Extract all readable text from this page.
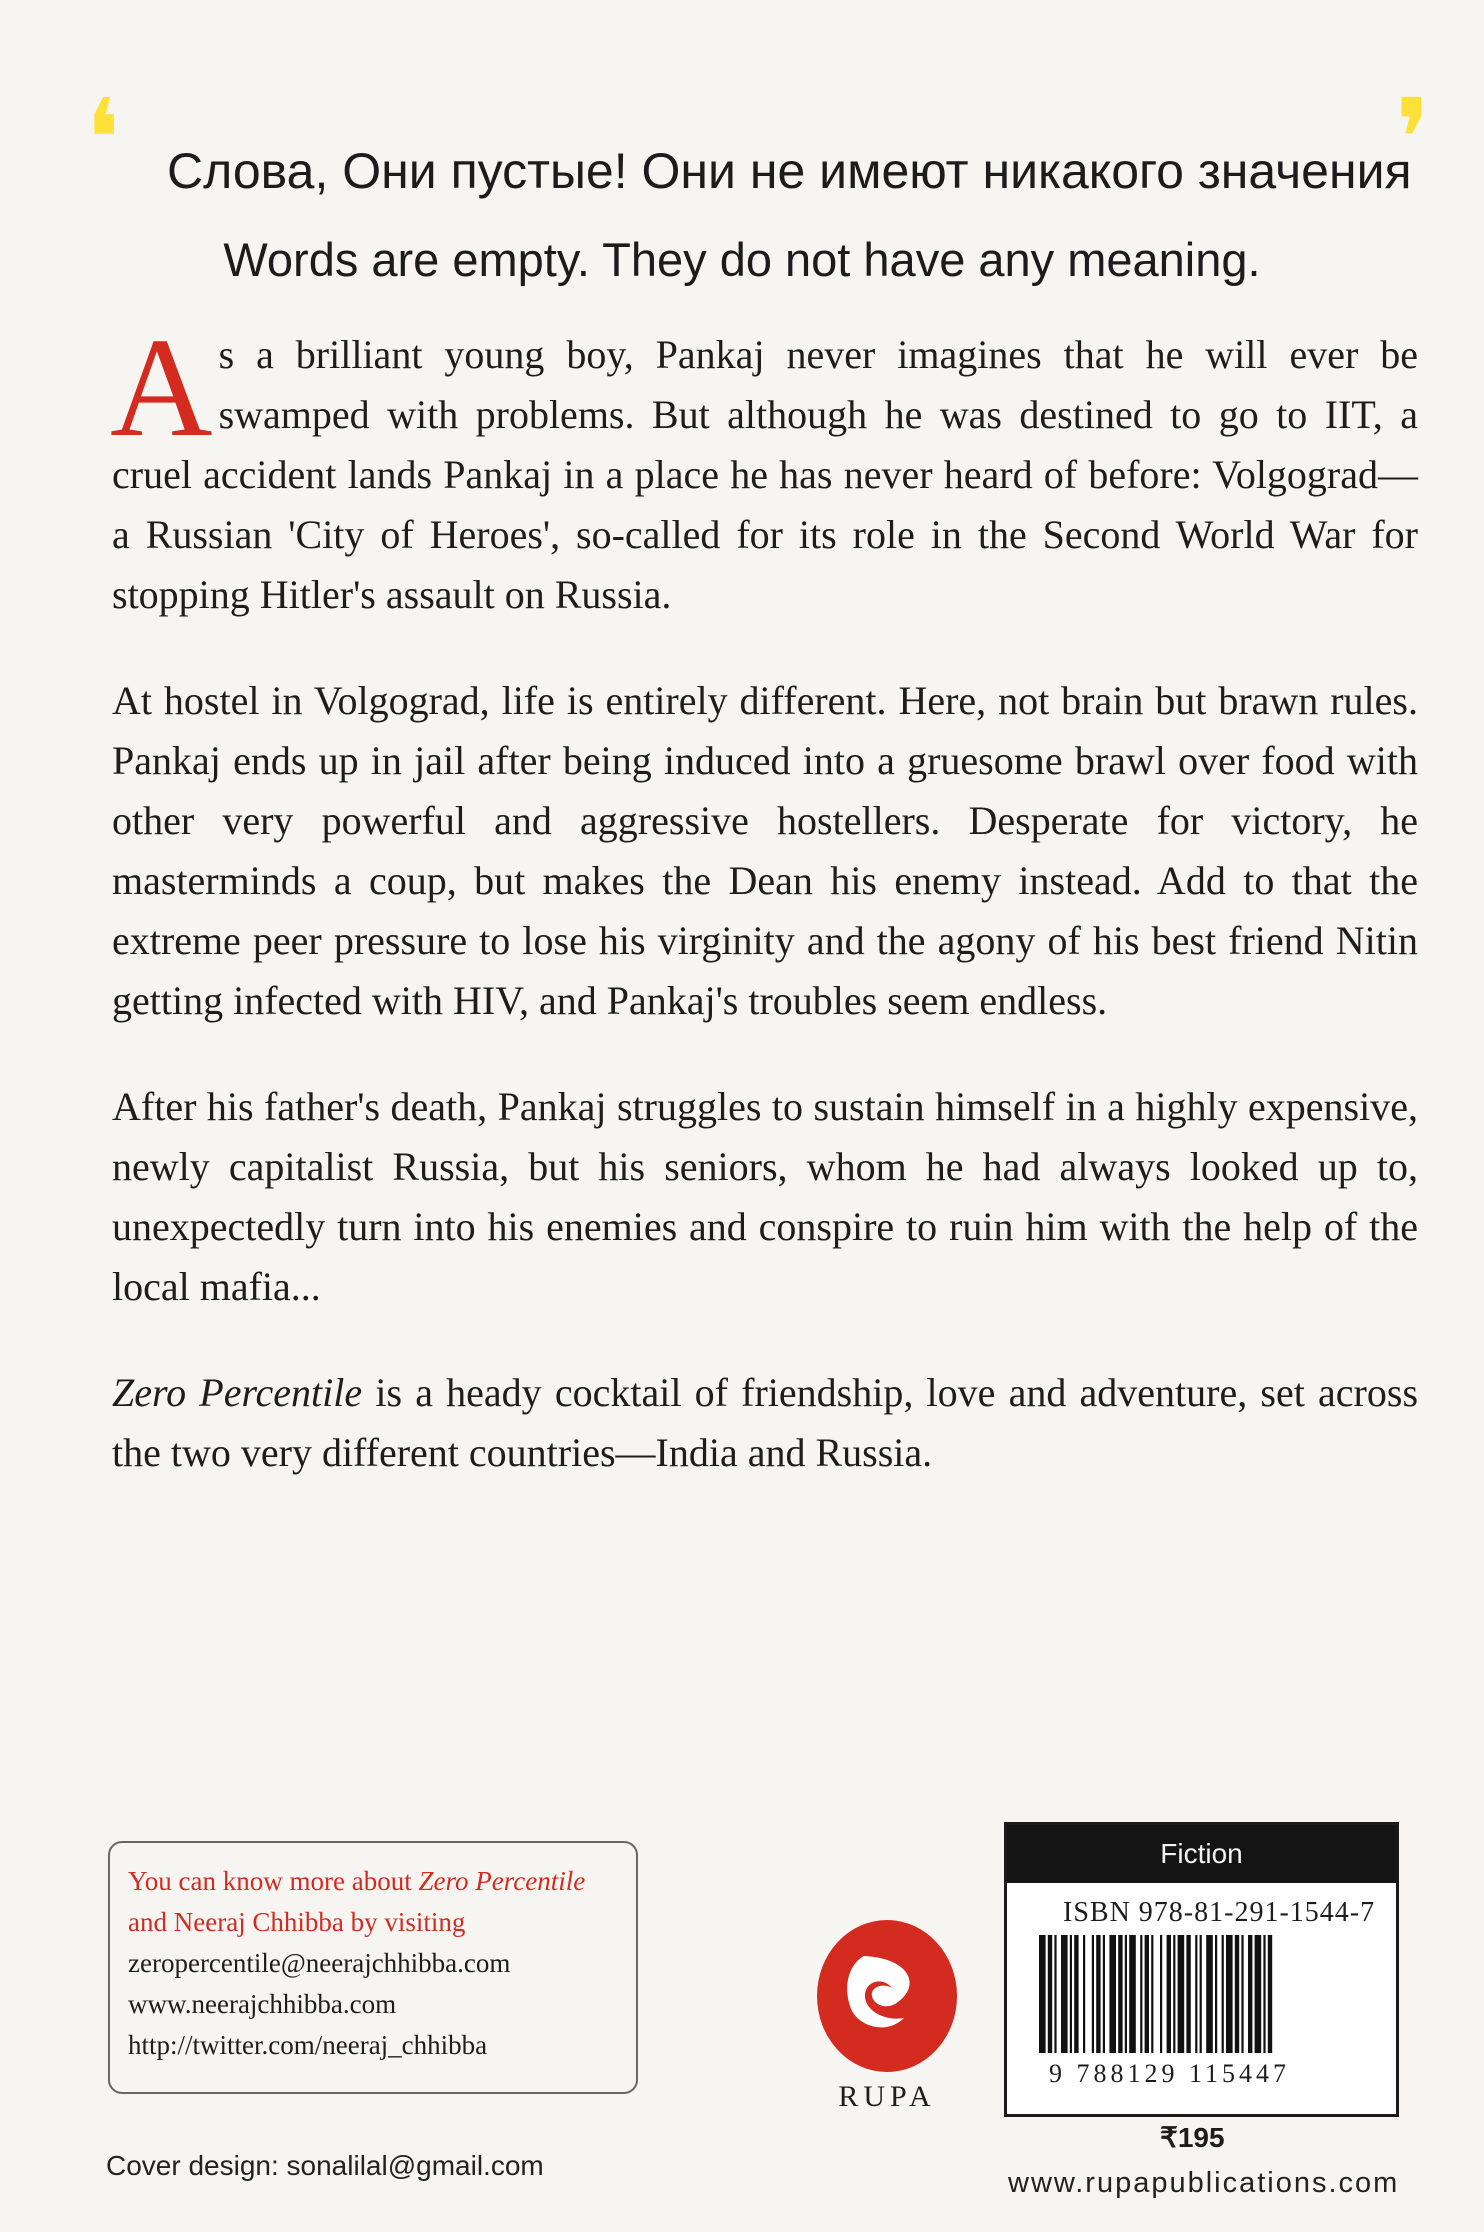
❛ Слова, Они пустые! Они не имеют никакого значения
❜
Words are empty. They do not have any meaning.

As a brilliant young boy, Pankaj never imagines that he will ever be swamped with problems. But although he was destined to go to IIT, a cruel accident lands Pankaj in a place he has never heard of before: Volgograd—a Russian 'City of Heroes', so-called for its role in the Second World War for stopping Hitler's assault on Russia.

At hostel in Volgograd, life is entirely different. Here, not brain but brawn rules. Pankaj ends up in jail after being induced into a gruesome brawl over food with other very powerful and aggressive hostellers. Desperate for victory, he masterminds a coup, but makes the Dean his enemy instead. Add to that the extreme peer pressure to lose his virginity and the agony of his best friend Nitin getting infected with HIV, and Pankaj's troubles seem endless.

After his father's death, Pankaj struggles to sustain himself in a highly expensive, newly capitalist Russia, but his seniors, whom he had always looked up to, unexpectedly turn into his enemies and conspire to ruin him with the help of the local mafia...

Zero Percentile is a heady cocktail of friendship, love and adventure, set across the two very different countries—India and Russia.

You can know more about Zero Percentile
and Neeraj Chhibba by visiting
zeropercentile@neerajchhibba.com
www.neerajchhibba.com
http://twitter.com/neeraj_chhibba
RUPA
Fiction
ISBN 978-81-291-1544-7
9 788129 115447
₹195
Cover design: sonalilal@gmail.com
www.rupapublications.com
